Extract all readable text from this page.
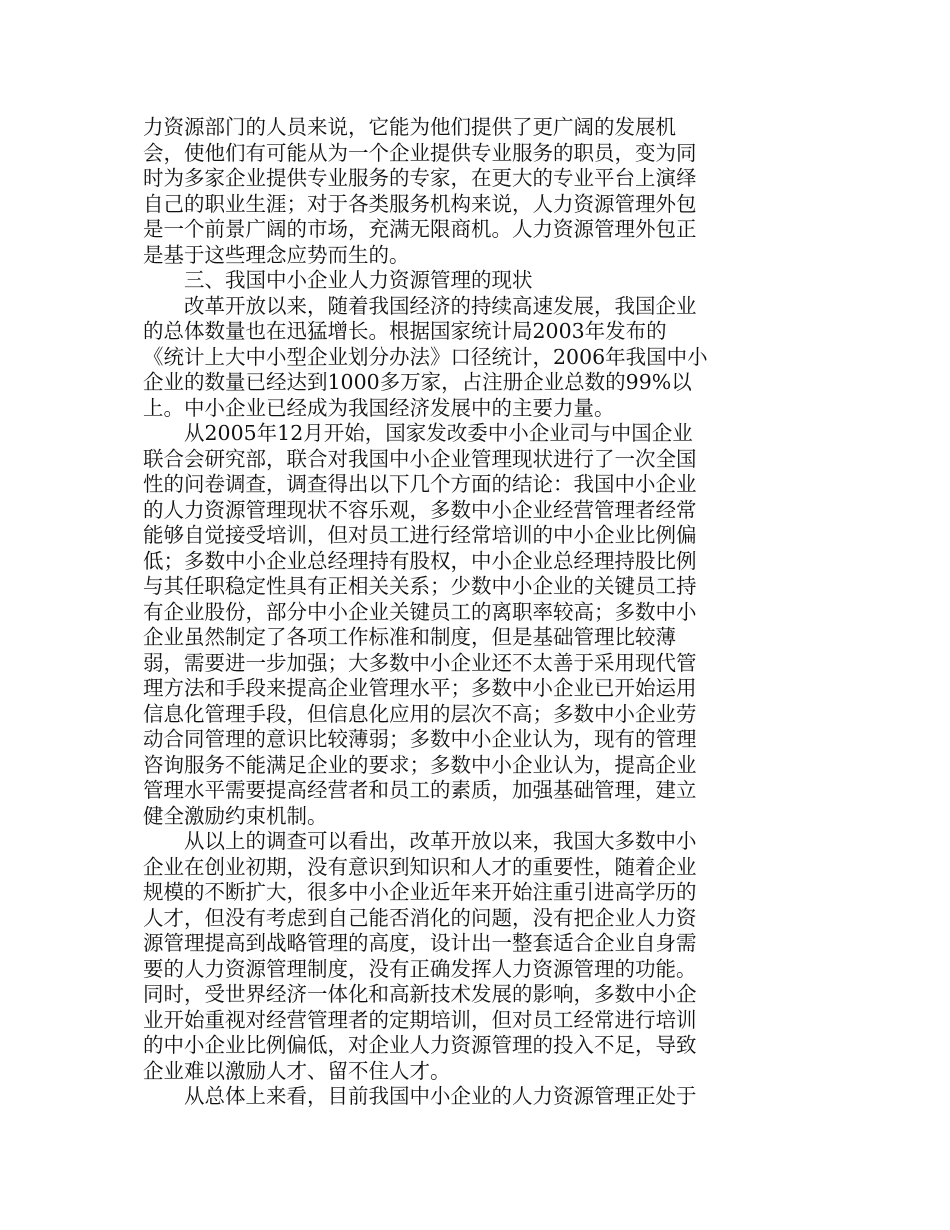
力资源部门的人员来说，它能为他们提供了更广阔的发展机
会，使他们有可能从为一个企业提供专业服务的职员，变为同
时为多家企业提供专业服务的专家，在更大的专业平台上演绎
自己的职业生涯；对于各类服务机构来说，人力资源管理外包
是一个前景广阔的市场，充满无限商机。人力资源管理外包正
是基于这些理念应势而生的。
三、我国中小企业人力资源管理的现状
改革开放以来，随着我国经济的持续高速发展，我国企业
的总体数量也在迅猛增长。根据国家统计局2003年发布的
《统计上大中小型企业划分办法》口径统计，2006年我国中小
企业的数量已经达到1000多万家，占注册企业总数的99%以
上。中小企业已经成为我国经济发展中的主要力量。
从2005年12月开始，国家发改委中小企业司与中国企业
联合会研究部，联合对我国中小企业管理现状进行了一次全国
性的问卷调查，调查得出以下几个方面的结论：我国中小企业
的人力资源管理现状不容乐观，多数中小企业经营管理者经常
能够自觉接受培训，但对员工进行经常培训的中小企业比例偏
低；多数中小企业总经理持有股权，中小企业总经理持股比例
与其任职稳定性具有正相关关系；少数中小企业的关键员工持
有企业股份，部分中小企业关键员工的离职率较高；多数中小
企业虽然制定了各项工作标准和制度，但是基础管理比较薄
弱，需要进一步加强；大多数中小企业还不太善于采用现代管
理方法和手段来提高企业管理水平；多数中小企业已开始运用
信息化管理手段，但信息化应用的层次不高；多数中小企业劳
动合同管理的意识比较薄弱；多数中小企业认为，现有的管理
咨询服务不能满足企业的要求；多数中小企业认为，提高企业
管理水平需要提高经营者和员工的素质，加强基础管理，建立
健全激励约束机制。
从以上的调查可以看出，改革开放以来，我国大多数中小
企业在创业初期，没有意识到知识和人才的重要性，随着企业
规模的不断扩大，很多中小企业近年来开始注重引进高学历的
人才，但没有考虑到自己能否消化的问题，没有把企业人力资
源管理提高到战略管理的高度，设计出一整套适合企业自身需
要的人力资源管理制度，没有正确发挥人力资源管理的功能。
同时，受世界经济一体化和高新技术发展的影响，多数中小企
业开始重视对经营管理者的定期培训，但对员工经常进行培训
的中小企业比例偏低，对企业人力资源管理的投入不足，导致
企业难以激励人才、留不住人才。
从总体上来看，目前我国中小企业的人力资源管理正处于
